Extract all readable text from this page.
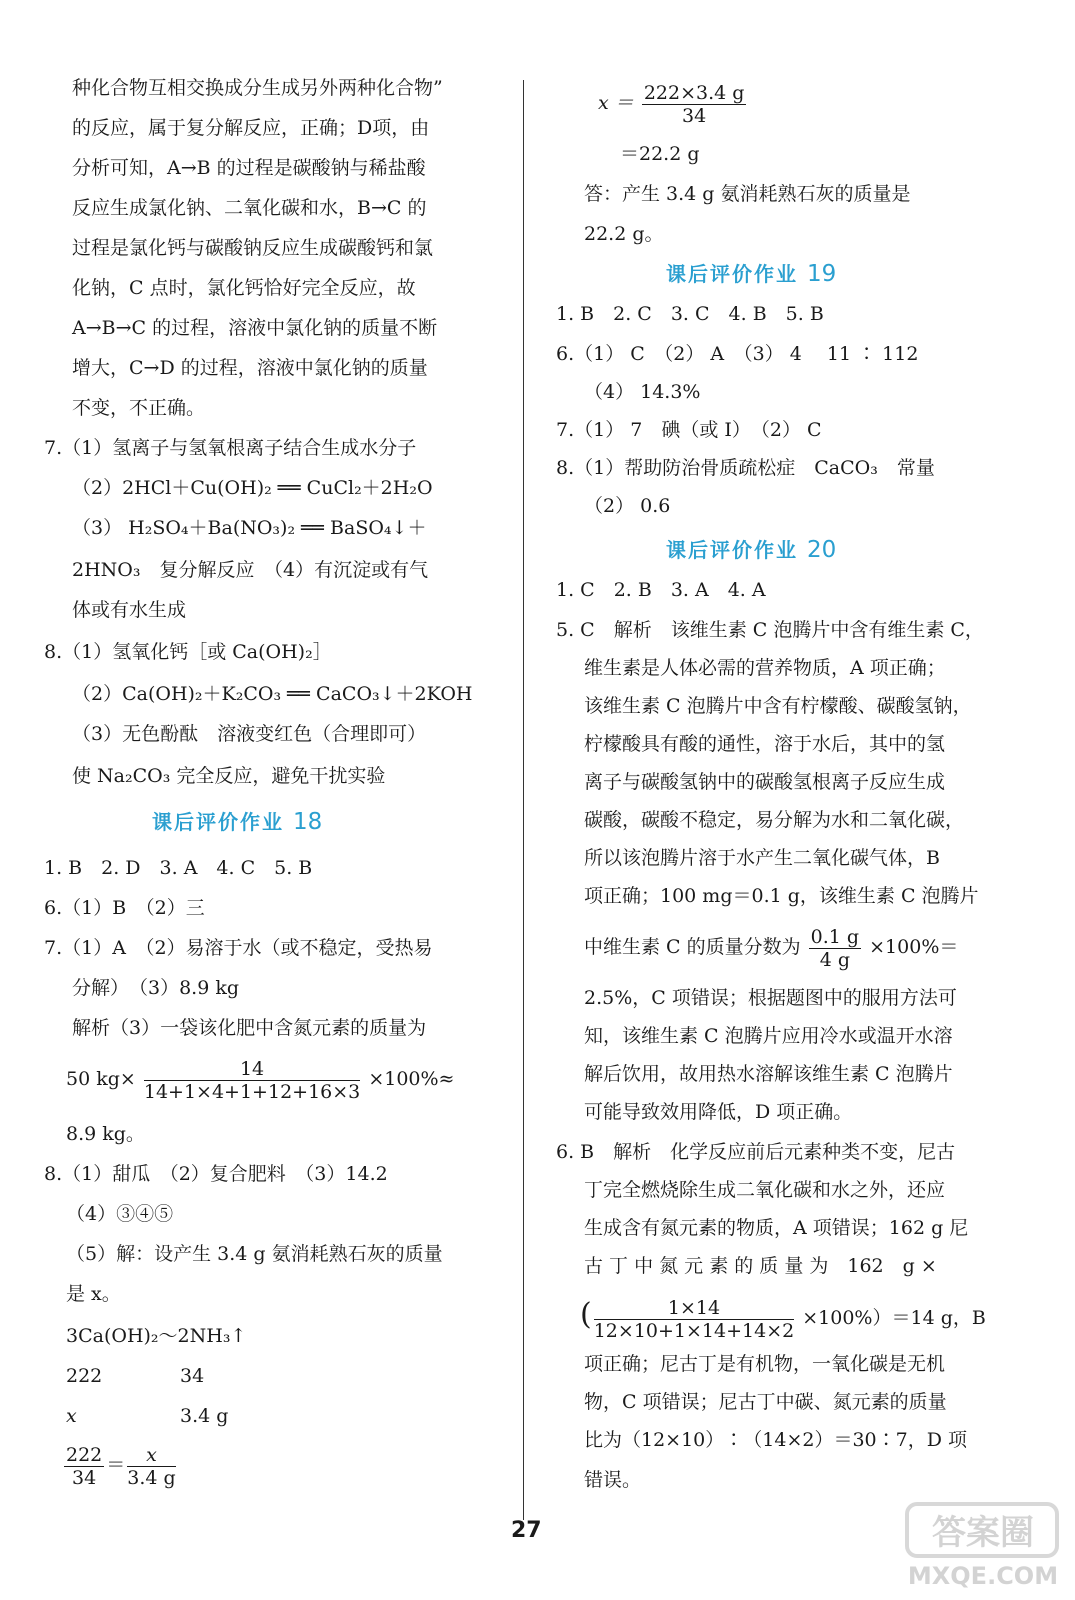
种化合物互相交换成分生成另外两种化合物”
的反应，属于复分解反应，正确；D项，由
分析可知，A→B 的过程是碳酸钠与稀盐酸
反应生成氯化钠、二氧化碳和水，B→C 的
过程是氯化钙与碳酸钠反应生成碳酸钙和氯
化钠，C 点时，氯化钙恰好完全反应，故
A→B→C 的过程，溶液中氯化钠的质量不断
增大，C→D 的过程，溶液中氯化钠的质量
不变，不正确。
7.（1）氢离子与氢氧根离子结合生成水分子
（2）2HCl＋Cu(OH)₂ ══ CuCl₂＋2H₂O
（3） H₂SO₄＋Ba(NO₃)₂ ══ BaSO₄↓＋
2HNO₃　复分解反应　（4）有沉淀或有气
体或有水生成
8.（1）氢氧化钙［或 Ca(OH)₂］
（2）Ca(OH)₂＋K₂CO₃ ══ CaCO₃↓＋2KOH
（3）无色酚酞　溶液变红色（合理即可）
使 Na₂CO₃ 完全反应，避免干扰实验
课后评价作业 18
1. B　2. D　3. A　4. C　5. B
6.（1）B　（2）三
7.（1）A　（2）易溶于水（或不稳定，受热易
分解）　（3）8.9 kg
解析（3）一袋该化肥中含氮元素的质量为
50 $kg\times \frac{14}{14+1\times 4+1+12+16\times 3} \times 100\%\approx$
8.9 kg。
8.（1）甜瓜　（2）复合肥料　（3）14.2
（4）③④⑤
（5）解：设产生 3.4 g 氨消耗熟石灰的质量
是 x。
3Ca(OH)₂～2NH₃↑
222	34
x	3.4 g
$\frac{222}{34} = \frac{x}{3.4 g}$
$x = \frac{222\times 3.4 g}{34}$
＝22.2 g
答：产生 3.4 g 氨消耗熟石灰的质量是
22.2 g。
课后评价作业 19
1. B　2. C　3. C　4. B　5. B
6.（1） C　（2） A　（3） 4　 11 ∶ 112
（4） 14.3%
7.（1） 7　碘（或 I）　（2） C
8.（1）帮助防治骨质疏松症　CaCO₃　常量
（2） 0.6
课后评价作业 20
1. C　2. B　3. A　4. A
5. C　解析　该维生素 C 泡腾片中含有维生素 C，
维生素是人体必需的营养物质，A 项正确；
该维生素 C 泡腾片中含有柠檬酸、碳酸氢钠，
柠檬酸具有酸的通性，溶于水后，其中的氢
离子与碳酸氢钠中的碳酸氢根离子反应生成
碳酸，碳酸不稳定，易分解为水和二氧化碳，
所以该泡腾片溶于水产生二氧化碳气体，B
项正确；100 mg＝0.1 g，该维生素 C 泡腾片
中维生素 C 的质量分数为 $\frac{0.1 g}{4 g} \times 100\%=$
2.5%，C 项错误；根据题图中的服用方法可
知，该维生素 C 泡腾片应用冷水或温开水溶
解后饮用，故用热水溶解该维生素 C 泡腾片
可能导致效用降低，D 项正确。
6. B　解析　化学反应前后元素种类不变，尼古
丁完全燃烧除生成二氧化碳和水之外，还应
生成含有氮元素的物质，A 项错误；162 g 尼
古 丁 中 氮 元 素 的 质 量 为　162　g ×
( $\frac{1\times 14}{12\times 10+1\times 14+14\times 2} \times 100\%)=14$ g，B
项正确；尼古丁是有机物，一氧化碳是无机
物，C 项错误；尼古丁中碳、氮元素的质量
比为（12×10）∶（14×2）＝30∶7，D 项
错误。
27	答案圈
MXQE.COM
